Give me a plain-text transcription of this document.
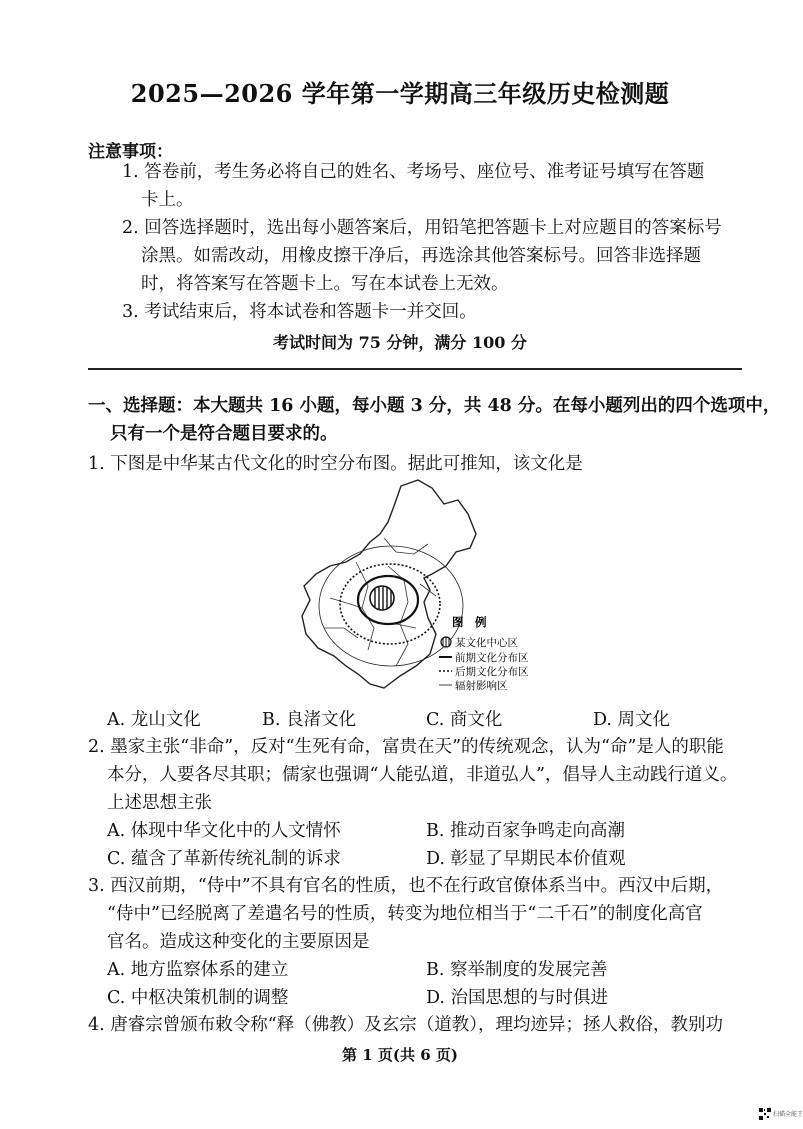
2025—2026 学年第一学期高三年级历史检测题
注意事项：
1. 答卷前，考生务必将自己的姓名、考场号、座位号、准考证号填写在答题
卡上。
2. 回答选择题时，选出每小题答案后，用铅笔把答题卡上对应题目的答案标号
涂黑。如需改动，用橡皮擦干净后，再选涂其他答案标号。回答非选择题
时，将答案写在答题卡上。写在本试卷上无效。
3. 考试结束后，将本试卷和答题卡一并交回。
考试时间为 75 分钟，满分 100 分
一、选择题：本大题共 16 小题，每小题 3 分，共 48 分。在每小题列出的四个选项中，
只有一个是符合题目要求的。
1. 下图是中华某古代文化的时空分布图。据此可推知，该文化是
图　例
某文化中心区
前期文化分布区
后期文化分布区
辐射影响区
A. 龙山文化	B. 良渚文化	C. 商文化	D. 周文化
2. 墨家主张“非命”，反对“生死有命，富贵在天”的传统观念，认为“命”是人的职能
本分，人要各尽其职；儒家也强调“人能弘道，非道弘人”，倡导人主动践行道义。
上述思想主张
A. 体现中华文化中的人文情怀	B. 推动百家争鸣走向高潮
C. 蕴含了革新传统礼制的诉求	D. 彰显了早期民本价值观
3. 西汉前期，“侍中”不具有官名的性质，也不在行政官僚体系当中。西汉中后期，
“侍中”已经脱离了差遣名号的性质，转变为地位相当于“二千石”的制度化高官
官名。造成这种变化的主要原因是
A. 地方监察体系的建立	B. 察举制度的发展完善
C. 中枢决策机制的调整	D. 治国思想的与时俱进
4. 唐睿宗曾颁布敕令称“释（佛教）及玄宗（道教），理均迹异；拯人救俗，教别功
第 1 页(共 6 页)
扫描全能王
